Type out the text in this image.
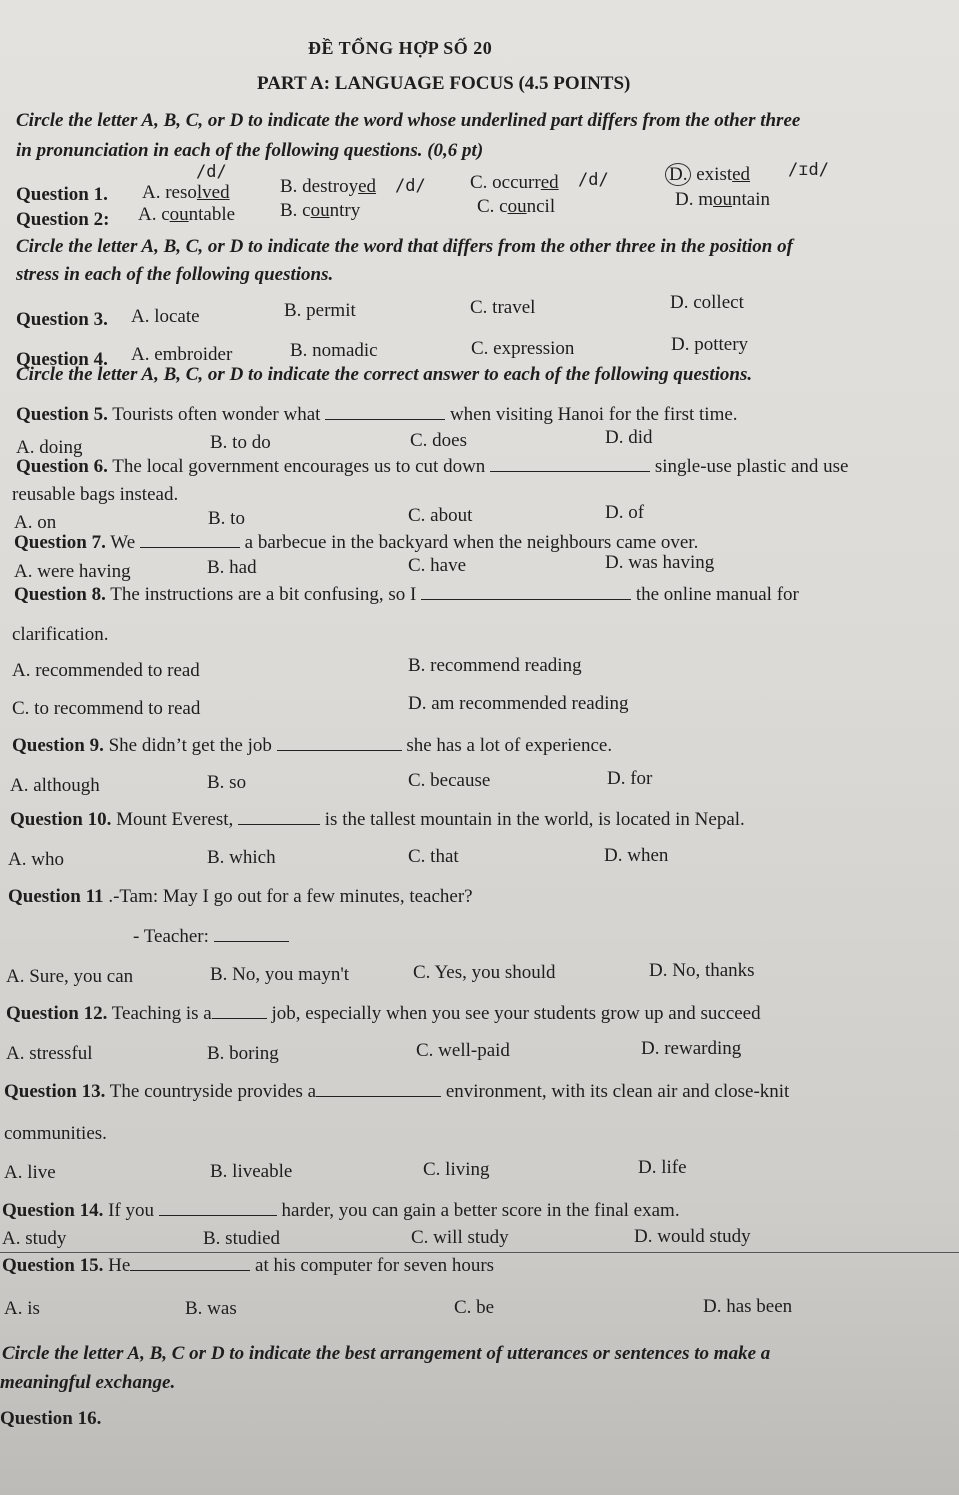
ĐỀ TỔNG HỢP SỐ 20
PART A: LANGUAGE FOCUS (4.5 POINTS)
Circle the letter A, B, C, or D to indicate the word whose underlined part differs from the other three
in pronunciation in each of the following questions. (0,6 pt)
Question 1. A. resolved
/d/
B. destroyed /d/ C. occurred /d/	D. existed /ɪd/
Question 2: A. countable B. country	C. council	D. mountain
Circle the letter A, B, C, or D to indicate the word that differs from the other three in the position of
stress in each of the following questions.
Question 3. A. locate	B. permit	C. travel	D. collect
Question 4. A. embroider	B. nomadic	C. expression	D. pottery
Circle the letter A, B, C, or D to indicate the correct answer to each of the following questions.
Question 5. Tourists often wonder what	when visiting Hanoi for the first time.
A. doing	B. to do	C. does	D. did
Question 6. The local government encourages us to cut down	single-use plastic and use
reusable bags instead.
A. on	B. to	C. about	D. of
Question 7. We	a barbecue in the backyard when the neighbours came over.
A. were having	B. had	C. have	D. was having
Question 8. The instructions are a bit confusing, so I	the online manual for
clarification.
A. recommended to read	B. recommend reading
C. to recommend to read	D. am recommended reading
Question 9. She didn’t get the job	she has a lot of experience.
A. although	B. so	C. because	D. for
Question 10. Mount Everest,	is the tallest mountain in the world, is located in Nepal.
A. who	B. which	C. that	D. when
Question 11 .-Tam: May I go out for a few minutes, teacher?
- Teacher:
A. Sure, you can	B. No, you mayn't	C. Yes, you should	D. No, thanks
Question 12. Teaching is a	job, especially when you see your students grow up and succeed
A. stressful	B. boring	C. well-paid	D. rewarding
Question 13. The countryside provides a	environment, with its clean air and close-knit
communities.
A. live	B. liveable	C. living	D. life
Question 14. If you	harder, you can gain a better score in the final exam.
A. study	B. studied	C. will study	D. would study
Question 15. He	at his computer for seven hours
A. is	B. was	C. be	D. has been
Circle the letter A, B, C or D to indicate the best arrangement of utterances or sentences to make a
meaningful exchange.
Question 16.
